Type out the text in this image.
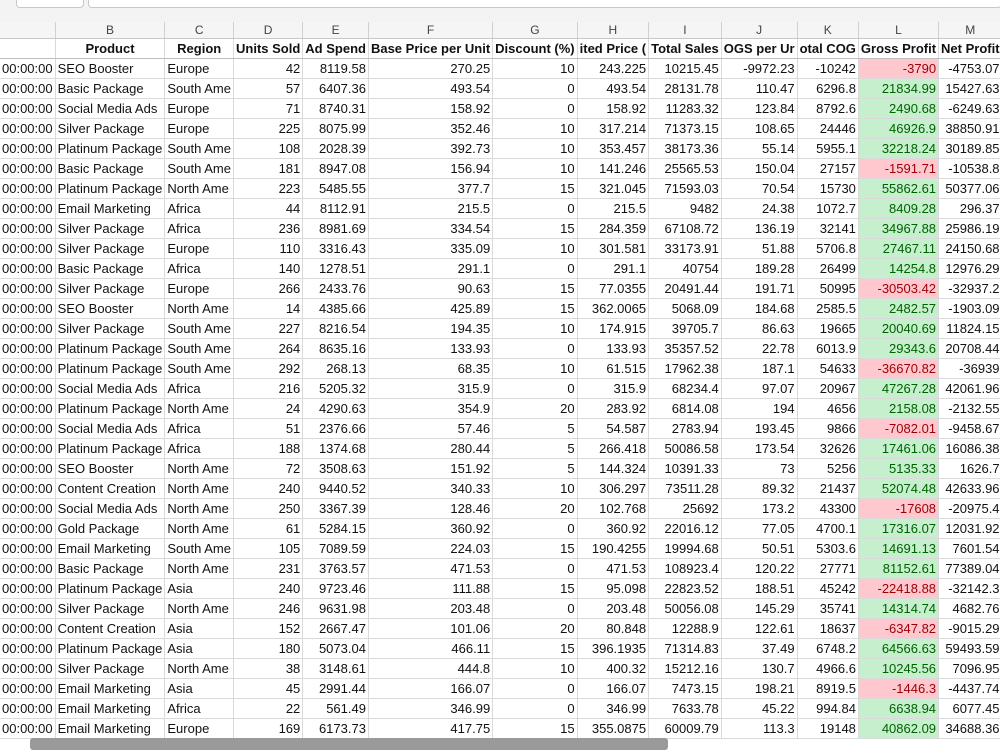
	B	C	D	E	F	G	H	I	J	K	L	M
	Product	Region	Units Sold	Ad Spend	Base Price per Unit	Discount (%)	ited Price (	Total Sales	OGS per Ur	otal COG	Gross Profit	Net Profit
00:00:00	SEO Booster	Europe	42	8119.58	270.25	10	243.225	10215.45	-9972.23	-10242	-3790	-4753.07
00:00:00	Basic Package	South Ame	57	6407.36	493.54	0	493.54	28131.78	110.47	6296.8	21834.99	15427.63
00:00:00	Social Media Ads	Europe	71	8740.31	158.92	0	158.92	11283.32	123.84	8792.6	2490.68	-6249.63
00:00:00	Silver Package	Europe	225	8075.99	352.46	10	317.214	71373.15	108.65	24446	46926.9	38850.91
00:00:00	Platinum Package	South Ame	108	2028.39	392.73	10	353.457	38173.36	55.14	5955.1	32218.24	30189.85
00:00:00	Basic Package	South Ame	181	8947.08	156.94	10	141.246	25565.53	150.04	27157	-1591.71	-10538.8
00:00:00	Platinum Package	North Ame	223	5485.55	377.7	15	321.045	71593.03	70.54	15730	55862.61	50377.06
00:00:00	Email Marketing	Africa	44	8112.91	215.5	0	215.5	9482	24.38	1072.7	8409.28	296.37
00:00:00	Silver Package	Africa	236	8981.69	334.54	15	284.359	67108.72	136.19	32141	34967.88	25986.19
00:00:00	Silver Package	Europe	110	3316.43	335.09	10	301.581	33173.91	51.88	5706.8	27467.11	24150.68
00:00:00	Basic Package	Africa	140	1278.51	291.1	0	291.1	40754	189.28	26499	14254.8	12976.29
00:00:00	Silver Package	Europe	266	2433.76	90.63	15	77.0355	20491.44	191.71	50995	-30503.42	-32937.2
00:00:00	SEO Booster	North Ame	14	4385.66	425.89	15	362.0065	5068.09	184.68	2585.5	2482.57	-1903.09
00:00:00	Silver Package	South Ame	227	8216.54	194.35	10	174.915	39705.7	86.63	19665	20040.69	11824.15
00:00:00	Platinum Package	South Ame	264	8635.16	133.93	0	133.93	35357.52	22.78	6013.9	29343.6	20708.44
00:00:00	Platinum Package	South Ame	292	268.13	68.35	10	61.515	17962.38	187.1	54633	-36670.82	-36939
00:00:00	Social Media Ads	Africa	216	5205.32	315.9	0	315.9	68234.4	97.07	20967	47267.28	42061.96
00:00:00	Platinum Package	North Ame	24	4290.63	354.9	20	283.92	6814.08	194	4656	2158.08	-2132.55
00:00:00	Social Media Ads	Africa	51	2376.66	57.46	5	54.587	2783.94	193.45	9866	-7082.01	-9458.67
00:00:00	Platinum Package	Africa	188	1374.68	280.44	5	266.418	50086.58	173.54	32626	17461.06	16086.38
00:00:00	SEO Booster	North Ame	72	3508.63	151.92	5	144.324	10391.33	73	5256	5135.33	1626.7
00:00:00	Content Creation	North Ame	240	9440.52	340.33	10	306.297	73511.28	89.32	21437	52074.48	42633.96
00:00:00	Social Media Ads	North Ame	250	3367.39	128.46	20	102.768	25692	173.2	43300	-17608	-20975.4
00:00:00	Gold Package	North Ame	61	5284.15	360.92	0	360.92	22016.12	77.05	4700.1	17316.07	12031.92
00:00:00	Email Marketing	South Ame	105	7089.59	224.03	15	190.4255	19994.68	50.51	5303.6	14691.13	7601.54
00:00:00	Basic Package	North Ame	231	3763.57	471.53	0	471.53	108923.4	120.22	27771	81152.61	77389.04
00:00:00	Platinum Package	Asia	240	9723.46	111.88	15	95.098	22823.52	188.51	45242	-22418.88	-32142.3
00:00:00	Silver Package	North Ame	246	9631.98	203.48	0	203.48	50056.08	145.29	35741	14314.74	4682.76
00:00:00	Content Creation	Asia	152	2667.47	101.06	20	80.848	12288.9	122.61	18637	-6347.82	-9015.29
00:00:00	Platinum Package	Asia	180	5073.04	466.11	15	396.1935	71314.83	37.49	6748.2	64566.63	59493.59
00:00:00	Silver Package	North Ame	38	3148.61	444.8	10	400.32	15212.16	130.7	4966.6	10245.56	7096.95
00:00:00	Email Marketing	Asia	45	2991.44	166.07	0	166.07	7473.15	198.21	8919.5	-1446.3	-4437.74
00:00:00	Email Marketing	Africa	22	561.49	346.99	0	346.99	7633.78	45.22	994.84	6638.94	6077.45
00:00:00	Email Marketing	Europe	169	6173.73	417.75	15	355.0875	60009.79	113.3	19148	40862.09	34688.36
